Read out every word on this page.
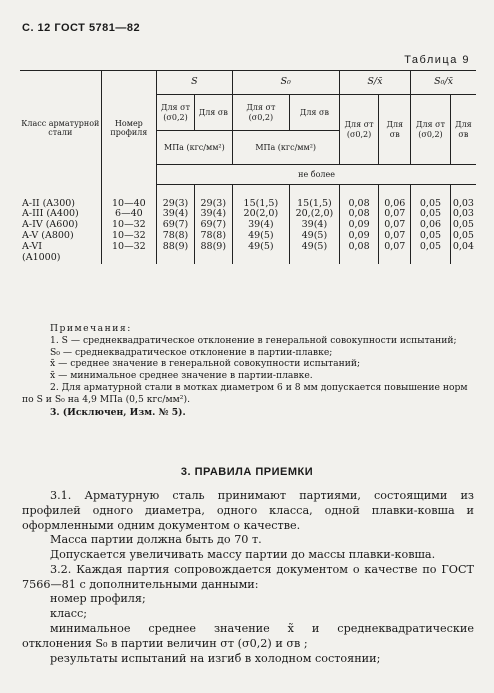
С. 12 ГОСТ 5781—82
Таблица 9
Класс арматурной стали	Номер профиля	S		S₀		S/x̄		S₀/x̄	
		Для σт (σ0,2)	Для σв	Для σт (σ0,2)	Для σв	Для σт (σ0,2)	Для σв	Для σт (σ0,2)	Для σв
		МПа (кгс/мм²)		МПа (кгс/мм²)					
		не более							

A-II (A300)	10—40	29(3)	29(3)	15(1,5)	15(1,5)	0,08	0,06	0,05	0,03
A-III (A400)	6—40	39(4)	39(4)	20(2,0)	20,(2,0)	0,08	0,07	0,05	0,03
A-IV (A600)	10—32	69(7)	69(7)	39(4)	39(4)	0,09	0,07	0,06	0,05
A-V (A800)	10—32	78(8)	78(8)	49(5)	49(5)	0,09	0,07	0,05	0,05
A-VI	10—32	88(9)	88(9)	49(5)	49(5)	0,08	0,07	0,05	0,04
(A1000)									

Примечания:

1. S — среднеквадратическое отклонение в генеральной совокупности испытаний;

S₀ — среднеквадратическое отклонение в партии-плавке;

x̄ — среднее значение в генеральной совокупности испытаний;

x̄ — минимальное среднее значение в партии-плавке.

2. Для арматурной стали в мотках диаметром 6 и 8 мм допускается повышение норм по S и S₀ на 4,9 МПа (0,5 кгс/мм²).

3. (Исключен, Изм. № 5).

3. ПРАВИЛА ПРИЕМКИ

3.1. Арматурную сталь принимают партиями, состоящими из профилей одного диаметра, одного класса, одной плавки-ковша и оформленными одним документом о качестве.

Масса партии должна быть до 70 т.

Допускается увеличивать массу партии до массы плавки-ковша.

3.2. Каждая партия сопровождается документом о качестве по ГОСТ 7566—81 с дополнительными данными:

номер профиля;

класс;

минимальное среднее значение x̃ и среднеквадратические отклонения S₀ в партии величин σт (σ0,2) и σв ;

результаты испытаний на изгиб в холодном состоянии;
